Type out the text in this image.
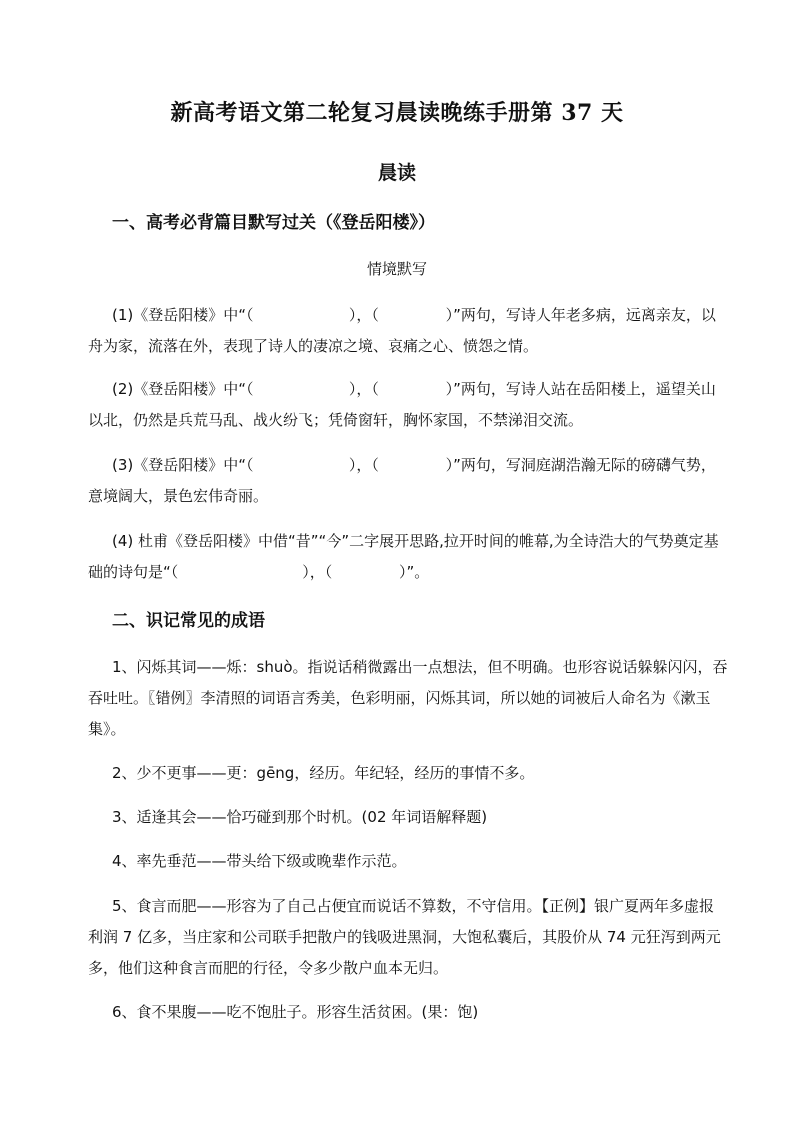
新高考语文第二轮复习晨读晚练手册第 37 天
晨读
一、高考必背篇目默写过关（《登岳阳楼》）
情境默写
(1)《登岳阳楼》中“（                    ），（              ）”两句，写诗人年老多病，远离亲友，以舟为家，流落在外，表现了诗人的凄凉之境、哀痛之心、愤怨之情。
(2)《登岳阳楼》中“（                    ），（              ）”两句，写诗人站在岳阳楼上，遥望关山以北，仍然是兵荒马乱、战火纷飞；凭倚窗轩，胸怀家国，不禁涕泪交流。
(3)《登岳阳楼》中“（                    ），（              ）”两句，写洞庭湖浩瀚无际的磅礴气势，意境阔大，景色宏伟奇丽。
(4) 杜甫《登岳阳楼》中借“昔”“今”二字展开思路,拉开时间的帷幕,为全诗浩大的气势奠定基础的诗句是“（                          ），（              ）”。
二、识记常见的成语
1、闪烁其词——烁：shuò。指说话稍微露出一点想法，但不明确。也形容说话躲躲闪闪，吞吞吐吐。〖错例〗李清照的词语言秀美，色彩明丽，闪烁其词，所以她的词被后人命名为《漱玉集》。
2、少不更事——更：gēng，经历。年纪轻，经历的事情不多。
3、适逢其会——恰巧碰到那个时机。(02 年词语解释题)
4、率先垂范——带头给下级或晚辈作示范。
5、食言而肥——形容为了自己占便宜而说话不算数，不守信用。【正例】银广夏两年多虚报利润 7 亿多，当庄家和公司联手把散户的钱吸进黑洞，大饱私囊后，其股价从 74 元狂泻到两元多，他们这种食言而肥的行径，令多少散户血本无归。
6、食不果腹——吃不饱肚子。形容生活贫困。(果：饱)
